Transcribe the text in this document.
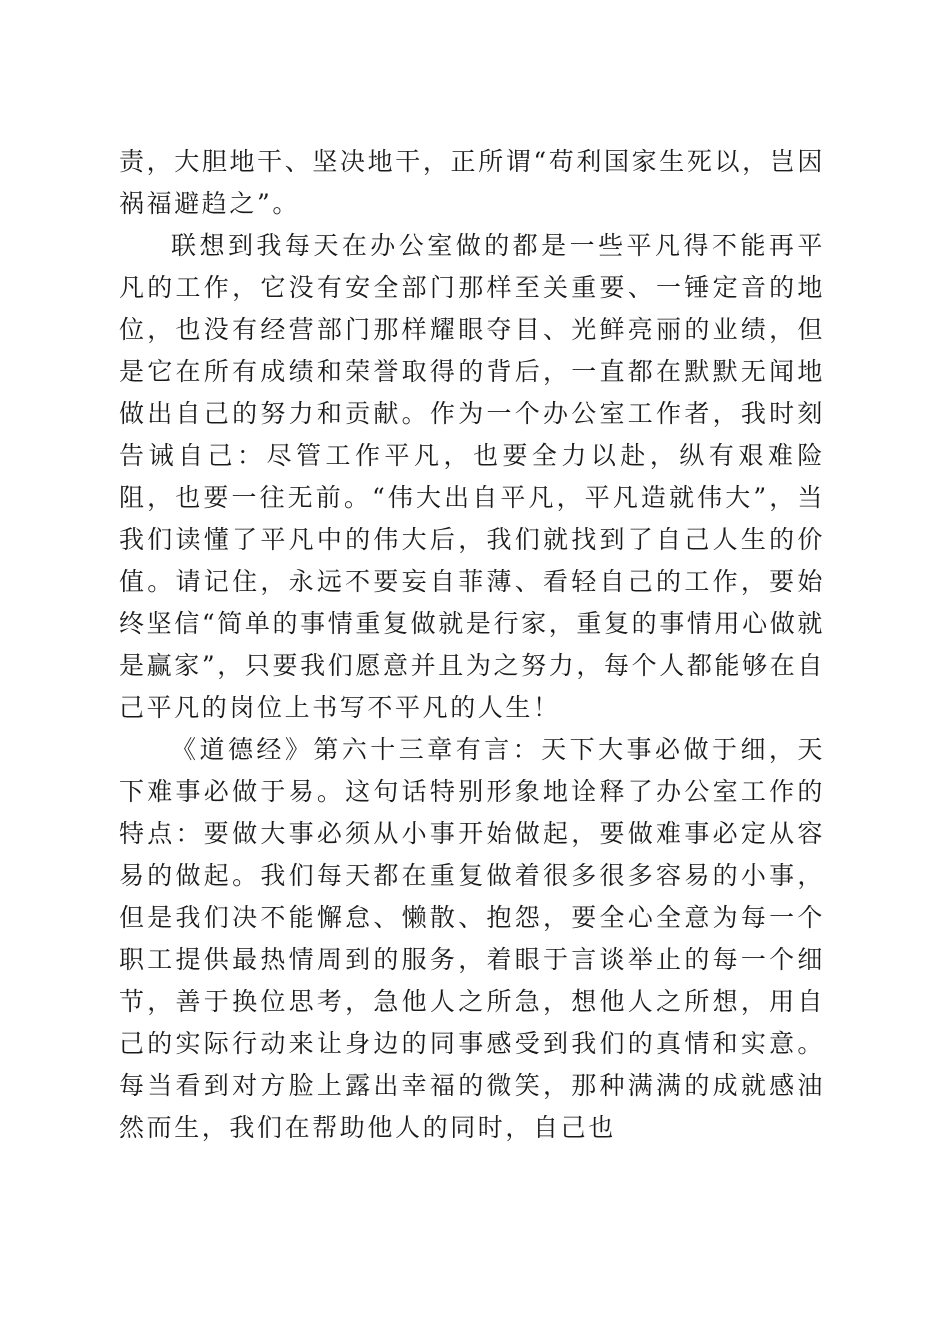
责，大胆地干、坚决地干，正所谓“苟利国家生死以，岂因祸福避趋之”。

联想到我每天在办公室做的都是一些平凡得不能再平凡的工作，它没有安全部门那样至关重要、一锤定音的地位，也没有经营部门那样耀眼夺目、光鲜亮丽的业绩，但是它在所有成绩和荣誉取得的背后，一直都在默默无闻地做出自己的努力和贡献。作为一个办公室工作者，我时刻告诫自己：尽管工作平凡，也要全力以赴，纵有艰难险阻，也要一往无前。“伟大出自平凡，平凡造就伟大”，当我们读懂了平凡中的伟大后，我们就找到了自己人生的价值。请记住，永远不要妄自菲薄、看轻自己的工作，要始终坚信“简单的事情重复做就是行家，重复的事情用心做就是赢家”，只要我们愿意并且为之努力，每个人都能够在自己平凡的岗位上书写不平凡的人生！

《道德经》第六十三章有言：天下大事必做于细，天下难事必做于易。这句话特别形象地诠释了办公室工作的特点：要做大事必须从小事开始做起，要做难事必定从容易的做起。我们每天都在重复做着很多很多容易的小事，但是我们决不能懈怠、懒散、抱怨，要全心全意为每一个职工提供最热情周到的服务，着眼于言谈举止的每一个细节，善于换位思考，急他人之所急，想他人之所想，用自己的实际行动来让身边的同事感受到我们的真情和实意。每当看到对方脸上露出幸福的微笑，那种满满的成就感油然而生，我们在帮助他人的同时，自己也
